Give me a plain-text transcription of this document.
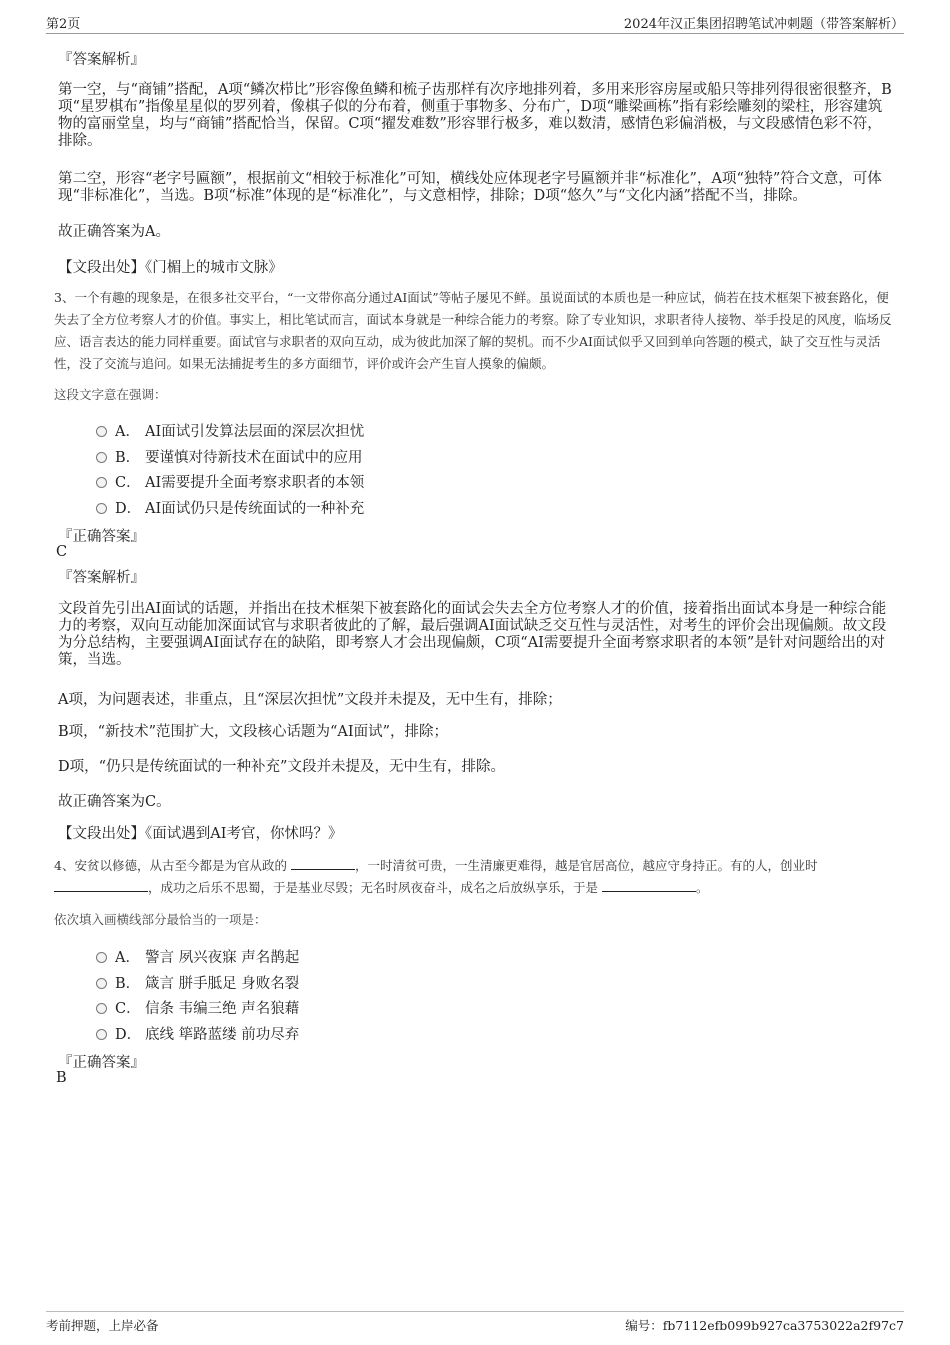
第2页	2024年汉正集团招聘笔试冲刺题（带答案解析）
『答案解析』
第一空，与“商铺”搭配，A项“鳞次栉比”形容像鱼鳞和梳子齿那样有次序地排列着，多用来形容房屋或船只等排列得很密很整齐，B项“星罗棋布”指像星星似的罗列着，像棋子似的分布着，侧重于事物多、分布广，D项“雕梁画栋”指有彩绘雕刻的梁柱，形容建筑物的富丽堂皇，均与“商铺”搭配恰当，保留。C项“擢发难数”形容罪行极多，难以数清，感情色彩偏消极，与文段感情色彩不符，排除。
第二空，形容“老字号匾额”，根据前文“相较于标准化”可知，横线处应体现老字号匾额并非“标准化”，A项“独特”符合文意，可体现“非标准化”，当选。B项“标准”体现的是“标准化”，与文意相悖，排除；D项“悠久”与“文化内涵”搭配不当，排除。
故正确答案为A。
【文段出处】《门楣上的城市文脉》
3、一个有趣的现象是，在很多社交平台，“一文带你高分通过AI面试”等帖子屡见不鲜。虽说面试的本质也是一种应试，倘若在技术框架下被套路化，便失去了全方位考察人才的价值。事实上，相比笔试而言，面试本身就是一种综合能力的考察。除了专业知识，求职者待人接物、举手投足的风度，临场反应、语言表达的能力同样重要。面试官与求职者的双向互动，成为彼此加深了解的契机。而不少AI面试似乎又回到单向答题的模式，缺了交互性与灵活性，没了交流与追问。如果无法捕捉考生的多方面细节，评价或许会产生盲人摸象的偏颇。
这段文字意在强调：
A． AI面试引发算法层面的深层次担忧
B． 要谨慎对待新技术在面试中的应用
C． AI需要提升全面考察求职者的本领
D． AI面试仍只是传统面试的一种补充
『正确答案』
C
『答案解析』
文段首先引出AI面试的话题，并指出在技术框架下被套路化的面试会失去全方位考察人才的价值，接着指出面试本身是一种综合能力的考察，双向互动能加深面试官与求职者彼此的了解，最后强调AI面试缺乏交互性与灵活性，对考生的评价会出现偏颇。故文段为分总结构，主要强调AI面试存在的缺陷，即考察人才会出现偏颇，C项“AI需要提升全面考察求职者的本领”是针对问题给出的对策，当选。
A项，为问题表述，非重点，且“深层次担忧”文段并未提及，无中生有，排除；
B项，“新技术”范围扩大，文段核心话题为“AI面试”，排除；
D项，“仍只是传统面试的一种补充”文段并未提及，无中生有，排除。
故正确答案为C。
【文段出处】《面试遇到AI考官，你怵吗？》
4、安贫以修德，从古至今都是为官从政的	，一时清贫可贵，一生清廉更难得，越是官居高位，越应守身持正。有的人，创业时 ，成功之后乐不思蜀，于是基业尽毁；无名时夙夜奋斗，成名之后放纵享乐，于是	。
依次填入画横线部分最恰当的一项是：
A． 警言 夙兴夜寐 声名鹊起
B． 箴言 胼手胝足 身败名裂
C． 信条 韦编三绝 声名狼藉
D． 底线 筚路蓝缕 前功尽弃
『正确答案』
B
考前押题，上岸必备	编号：fb7112efb099b927ca3753022a2f97c7
